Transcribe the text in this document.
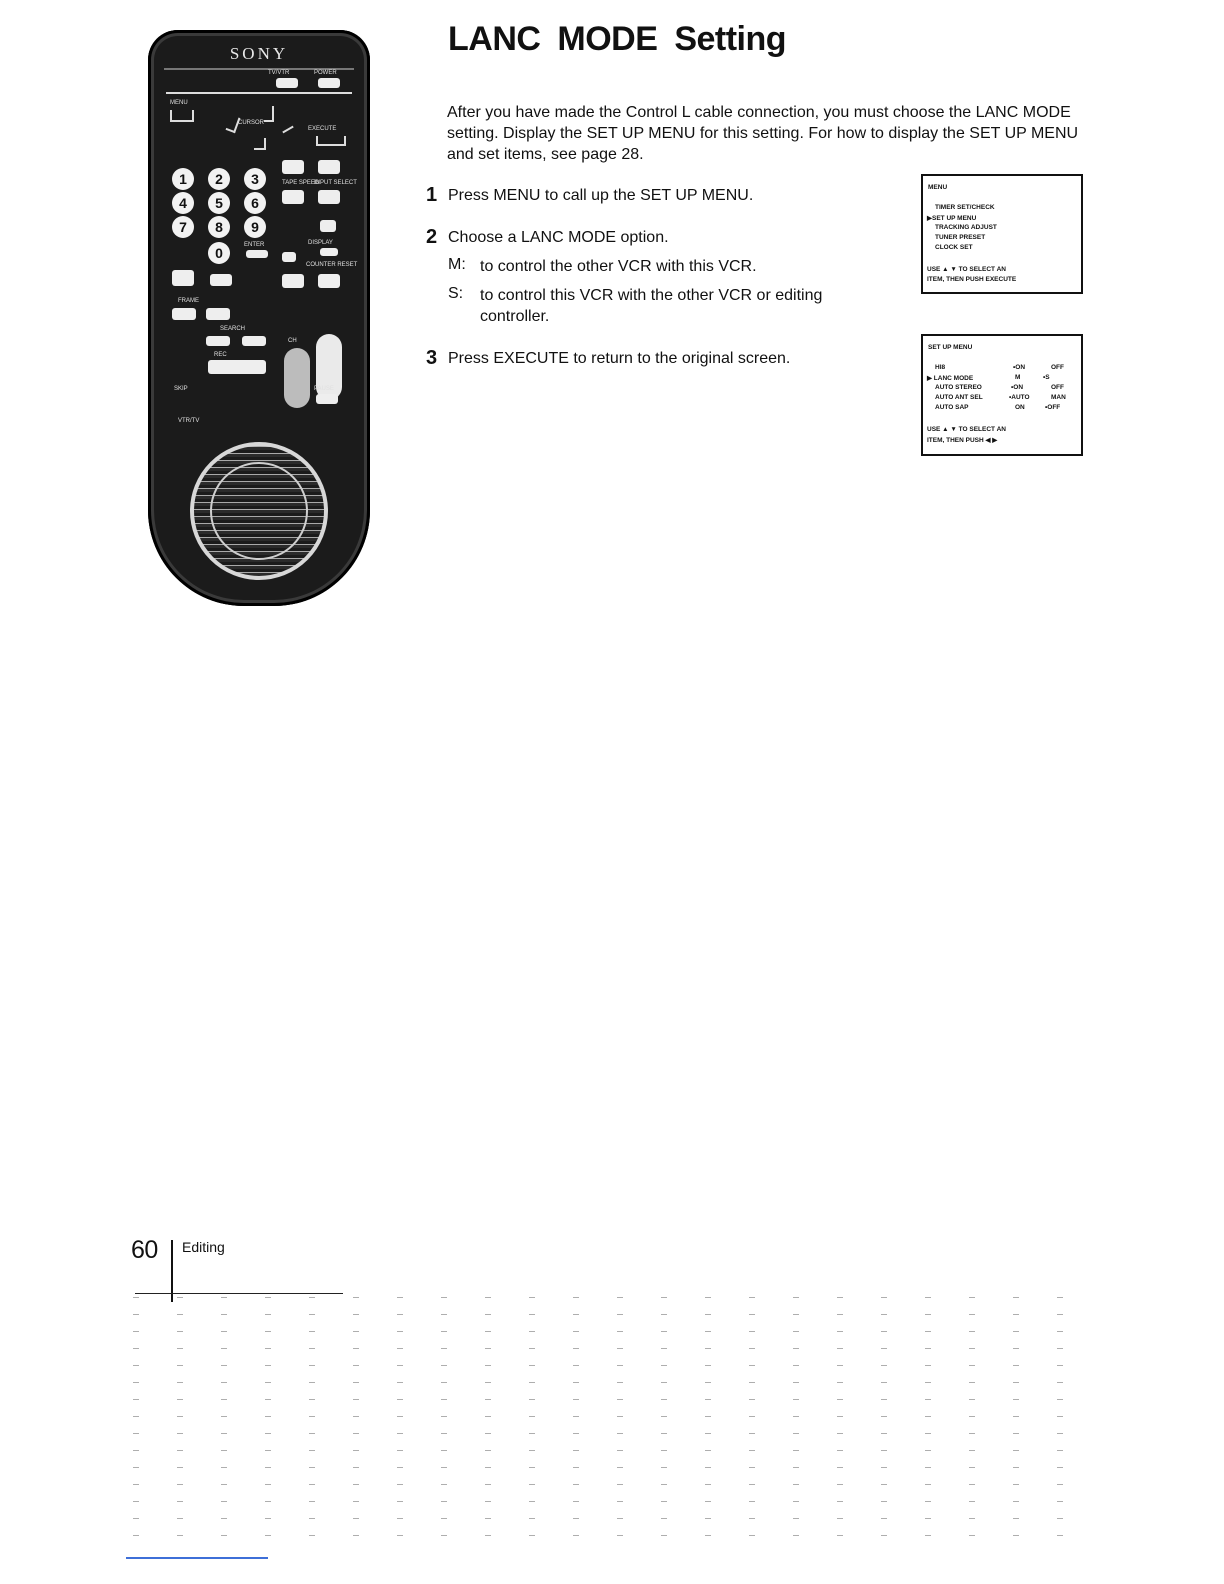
SONY
TV/VTR	POWER
MENU
CURSOR
EXECUTE
1	2	3
4	5	6
7	8	9
0	ENTER
TAPE SPEED
INPUT SELECT
DISPLAY
COUNTER RESET
FRAME
SEARCH
REC
CH
SKIP	PAUSE
VTR/TV
LANC MODE Setting
After you have made the Control L cable connection, you must choose the LANC MODE setting. Display the SET UP MENU for this setting. For how to display the SET UP MENU and set items, see page 28.
1 Press MENU to call up the SET UP MENU.
2 Choose a LANC MODE option.
M: to control the other VCR with this VCR.
S: to control this VCR with the other VCR or editing controller.
3 Press EXECUTE to return to the original screen.
MENU
TIMER SET/CHECK
▶SET UP MENU
TRACKING ADJUST
TUNER PRESET
CLOCK SET
USE ▲ ▼ TO SELECT AN
ITEM, THEN PUSH EXECUTE
SET UP MENU
HI8	•ON	OFF
▶ LANC MODE	M	•S
AUTO STEREO	•ON	OFF
AUTO ANT SEL	•AUTO	MAN
AUTO SAP	ON	•OFF
USE ▲ ▼ TO SELECT AN
ITEM, THEN PUSH ◀ ▶
60 Editing
